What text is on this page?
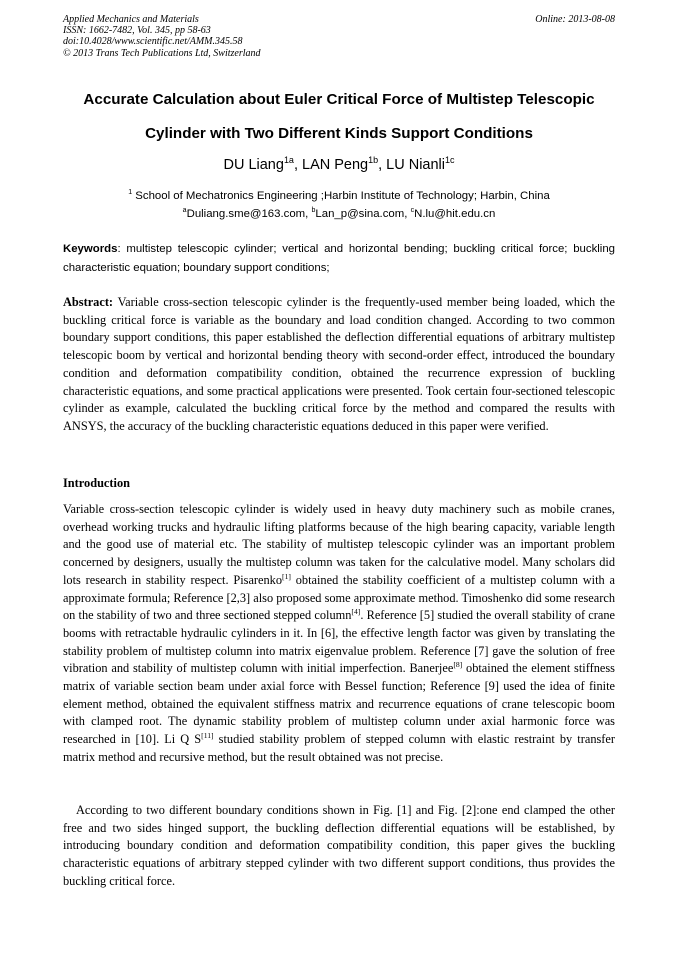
Applied Mechanics and Materials
ISSN: 1662-7482, Vol. 345, pp 58-63
doi:10.4028/www.scientific.net/AMM.345.58
© 2013 Trans Tech Publications Ltd, Switzerland
Online: 2013-08-08
Accurate Calculation about Euler Critical Force of Multistep Telescopic
Cylinder with Two Different Kinds Support Conditions
DU Liang$^{1a}$, LAN Peng$^{1b}$, LU Nianli$^{1c}$
$^1$ School of Mechatronics Engineering ;Harbin Institute of Technology; Harbin, China
$^a$Duliang.sme@163.com, $^b$Lan_p@sina.com, $^c$N.lu@hit.edu.cn
Keywords: multistep telescopic cylinder; vertical and horizontal bending; buckling critical force; buckling characteristic equation; boundary support conditions;
Abstract: Variable cross-section telescopic cylinder is the frequently-used member being loaded, which the buckling critical force is variable as the boundary and load condition changed. According to two common boundary support conditions, this paper established the deflection differential equations of arbitrary multistep telescopic boom by vertical and horizontal bending theory with second-order effect, introduced the boundary condition and deformation compatibility condition, obtained the recurrence expression of buckling characteristic equations, and some practical applications were presented. Took certain four-sectioned telescopic cylinder as example, calculated the buckling critical force by the method and compared the results with ANSYS, the accuracy of the buckling characteristic equations deduced in this paper were verified.
Introduction
Variable cross-section telescopic cylinder is widely used in heavy duty machinery such as mobile cranes, overhead working trucks and hydraulic lifting platforms because of the high bearing capacity, variable length and the good use of material etc. The stability of multistep telescopic cylinder was an important problem concerned by designers, usually the multistep column was taken for the calculative model. Many scholars did lots research in stability respect. Pisarenko[1] obtained the stability coefficient of a multistep column with a approximate formula; Reference [2,3] also proposed some approximate method. Timoshenko did some research on the stability of two and three sectioned stepped column[4]. Reference [5] studied the overall stability of crane booms with retractable hydraulic cylinders in it. In [6], the effective length factor was given by translating the stability problem of multistep column into matrix eigenvalue problem. Reference [7] gave the solution of free vibration and stability of multistep column with initial imperfection. Banerjee[8] obtained the element stiffness matrix of variable section beam under axial force with Bessel function; Reference [9] used the idea of finite element method, obtained the equivalent stiffness matrix and recurrence equations of crane telescopic boom with clamped root. The dynamic stability problem of multistep column under axial harmonic force was researched in [10]. Li Q S[11] studied stability problem of stepped column with elastic restraint by transfer matrix method and recursive method, but the result obtained was not precise.
According to two different boundary conditions shown in Fig. [1] and Fig. [2]:one end clamped the other free and two sides hinged support, the buckling deflection differential equations will be established, by introducing boundary condition and deformation compatibility condition, this paper gives the buckling characteristic equations of arbitrary stepped cylinder with two different support conditions, thus provides the buckling critical force.
